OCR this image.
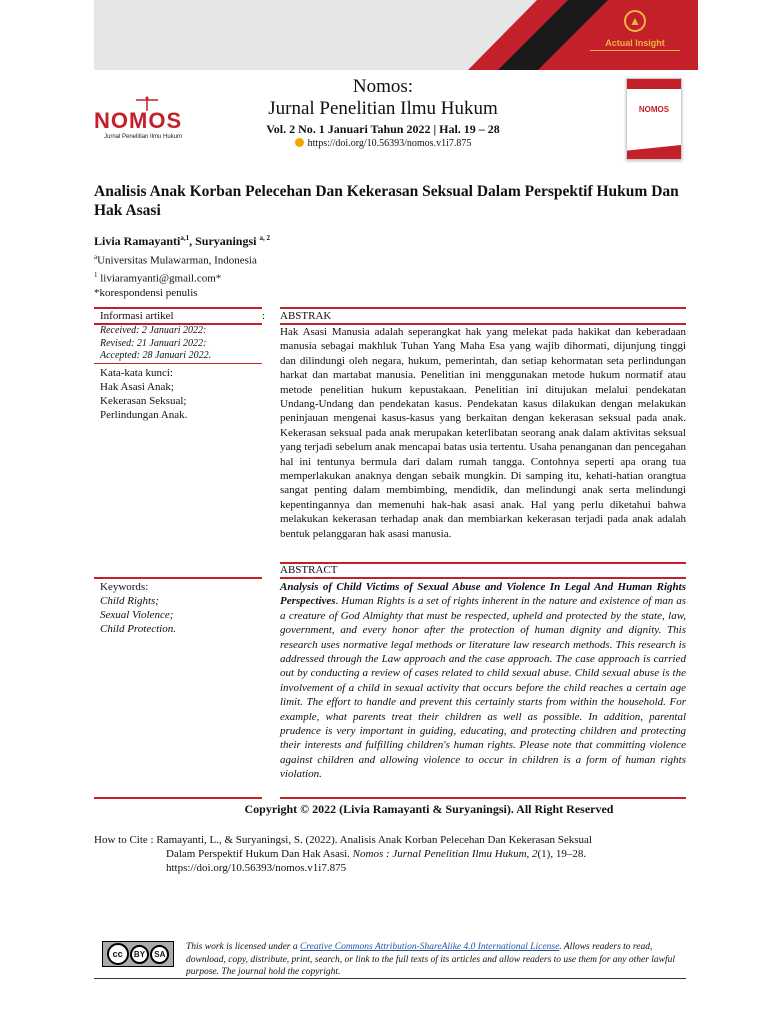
▲
Actual Insight
NOMOS
NOMOS
Jurnal Penelitian Ilmu Hukum
Nomos:
Jurnal Penelitian Ilmu Hukum
Vol. 2 No. 1 Januari Tahun 2022 | Hal. 19 – 28
https://doi.org/10.56393/nomos.v1i7.875
Analisis Anak Korban Pelecehan Dan Kekerasan Seksual Dalam Perspektif Hukum Dan Hak Asasi
Livia Ramayanti$^{a,1}$, Suryaningsi $^{a, 2}$
$^a$Universitas Mulawarman, Indonesia
$^1$ liviaramyanti@gmail.com*
*korespondensi penulis
Informasi artikel	: ABSTRAK
Received: 2 Januari 2022:
Revised: 21 Januari 2022:
Accepted: 28 Januari 2022.
Kata-kata kunci:
Hak Asasi Anak;
Kekerasan Seksual;
Perlindungan Anak.
Hak Asasi Manusia adalah seperangkat hak yang melekat pada hakikat dan keberadaan manusia sebagai makhluk Tuhan Yang Maha Esa yang wajib dihormati, dijunjung tinggi dan dilindungi oleh negara, hukum, pemerintah, dan setiap kehormatan seta perlindungan harkat dan martabat manusia. Penelitian ini menggunakan metode hukum normatif atau metode penelitian hukum kepustakaan. Penelitian ini ditujukan melalui pendekatan Undang-Undang dan pendekatan kasus. Pendekatan kasus dilakukan dengan melakukan peninjauan mengenai kasus-kasus yang berkaitan dengan kekerasan seksual pada anak. Kekerasan seksual pada anak merupakan keterlibatan seorang anak dalam aktivitas seksual yang terjadi sebelum anak mencapai batas usia tertentu. Usaha penanganan dan pencegahan hal ini tentunya bermula dari dalam rumah tangga. Contohnya seperti apa orang tua memperlakukan anaknya dengan sebaik mungkin. Di samping itu, kehati-hatian orangtua sangat penting dalam membimbing, mendidik, dan melindungi anak serta melindungi kepentingannya dan memenuhi hak-hak asasi anak. Hal yang perlu diketahui bahwa melakukan kekerasan terhadap anak dan membiarkan kekerasan terjadi pada anak adalah bentuk pelanggaran hak asasi manusia.
ABSTRACT
Keywords:
Child Rights;
Sexual Violence;
Child Protection.
Analysis of Child Victims of Sexual Abuse and Violence In Legal And Human Rights Perspectives. Human Rights is a set of rights inherent in the nature and existence of man as a creature of God Almighty that must be respected, upheld and protected by the state, law, government, and every honor after the protection of human dignity and dignity. This research uses normative legal methods or literature law research methods. This research is addressed through the Law approach and the case approach. The case approach is carried out by conducting a review of cases related to child sexual abuse. Child sexual abuse is the involvement of a child in sexual activity that occurs before the child reaches a certain age limit. The effort to handle and prevent this certainly starts from within the household. For example, what parents treat their children as well as possible. In addition, parental prudence is very important in guiding, educating, and protecting children and protecting their interests and fulfilling children's human rights. Please note that committing violence against children and allowing violence to occur in children is a form of human rights violation.
Copyright © 2022 (Livia Ramayanti & Suryaningsi). All Right Reserved
How to Cite : Ramayanti, L., & Suryaningsi, S. (2022). Analisis Anak Korban Pelecehan Dan Kekerasan Seksual
Dalam Perspektif Hukum Dan Hak Asasi. Nomos : Jurnal Penelitian Ilmu Hukum, 2(1), 19–28.
https://doi.org/10.56393/nomos.v1i7.875
cc	BY	SA
This work is licensed under a Creative Commons Attribution-ShareAlike 4.0 International License. Allows readers to read, download, copy, distribute, print, search, or link to the full texts of its articles and allow readers to use them for any other lawful purpose. The journal hold the copyright.
